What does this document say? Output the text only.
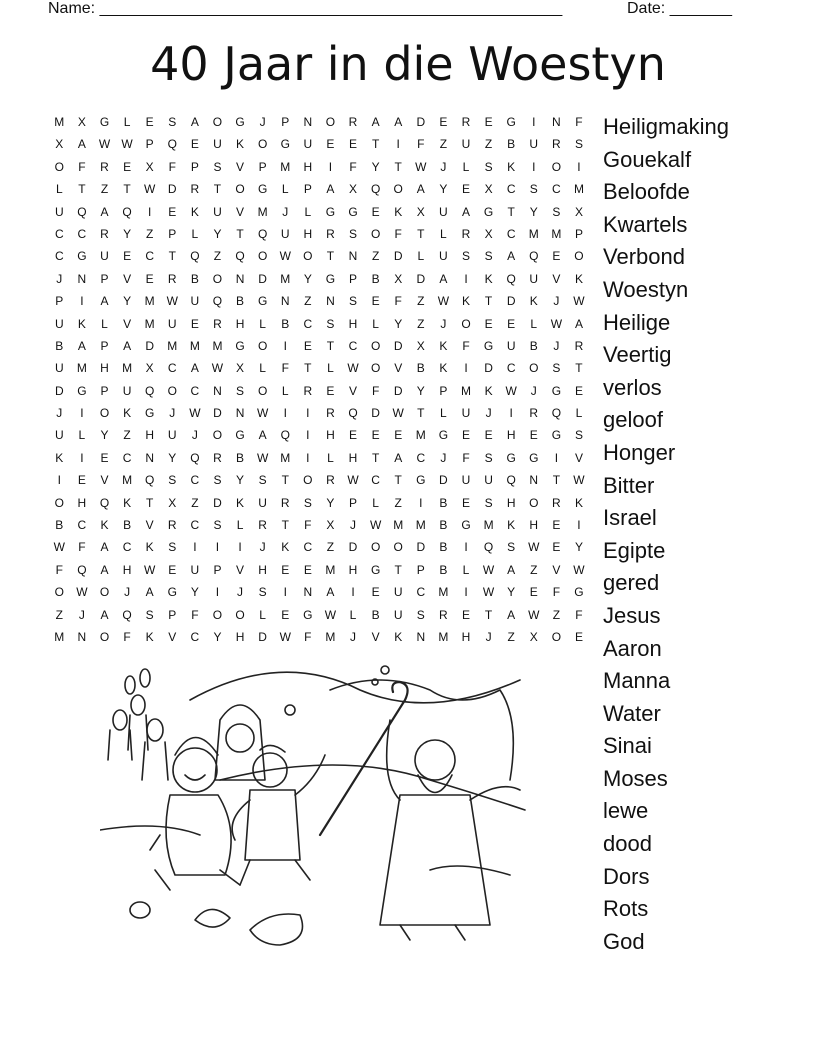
Name: ____________________________________________________	Date: _______
40 Jaar in die Woestyn
M	X	G	L	E	S	A	O	G	J	P	N	O	R	A	A	D	E	R	E	G	I	N	F
X	A	W W	P	Q	E	U	K	O	G	U	E	E	T	I	F	Z	U	Z	B	U	R	S
O	F	R	E	X	F	P	S	V	P	M	H	I	F	Y	T	W	J	L	S	K	I	O	I
L	T	Z	T	W	D	R	T	O	G	L	P	A	X	Q	O	A	Y	E	X	C	S	C	M
U	Q	A	Q	I	E	K	U	V	M	J	L	G	G	E	K	X	U	A	G	T	Y	S	X
C	C	R	Y	Z	P	L	Y	T	Q	U	H	R	S	O	F	T	L	R	X	C	M	M	P
C	G	U	E	C	T	Q	Z	Q	O	W	O	T	N	Z	D	L	U	S	S	A	Q	E	O
J	N	P	V	E	R	B	O	N	D	M	Y	G	P	B	X	D	A	I	K	Q	U	V	K
P	I	A	Y	M W	U	Q	B	G	N	Z	N	S	E	F	Z	W	K	T	D	K	J	W
U	K	L	V	M	U	E	R	H	L	B	C	S	H	L	Y	Z	J	O	E	E	L	W	A
B	A	P	A	D	M	M	M	G	O	I	E	T	C	O	D	X	K	F	G	U	B	J	R
U	M	H	M	X	C	A	W	X	L	F	T	L	W	O	V	B	K	I	D	C	O	S	T
D	G	P	U	Q	O	C	N	S	O	L	R	E	V	F	D	Y	P	M	K	W	J	G	E
J	I	O	K	G	J	W	D	N	W	I	I	R	Q	D	W	T	L	U	J	I	R	Q	L
U	L	Y	Z	H	U	J	O	G	A	Q	I	H	E	E	E	M	G	E	E	H	E	G	S
K	I	E	C	N	Y	Q	R	B	W M	I	L	H	T	A	C	J	F	S	G	G	I	V
I	E	V	M	Q	S	C	S	Y	S	T	O	R	W	C	T	G	D	U	U	Q	N	T	W
O	H	Q	K	T	X	Z	D	K	U	R	S	Y	P	L	Z	I	B	E	S	H	O	R	K
B	C	K	B	V	R	C	S	L	R	T	F	X	J	W M	M	B	G	M	K	H	E	I
W	F	A	C	K	S	I	I	I	J	K	C	Z	D	O	O	D	B	I	Q	S	W	E	Y
F	Q	A	H	W	E	U	P	V	H	E	E	M	H	G	T	P	B	L	W	A	Z	V	W
O	W	O	J	A	G	Y	I	J	S	I	N	A	I	E	U	C	M	I	W	Y	E	F	G
Z	J	A	Q	S	P	F	O	O	L	E	G	W	L	B	U	S	R	E	T	A	W	Z	F
M	N	O	F	K	V	C	Y	H	D	W	F	M	J	V	K	N	M	H	J	Z	X	O	E
Heiligmaking
Gouekalf
Beloofde
Kwartels
Verbond
Woestyn
Heilige
Veertig
verlos
geloof
Honger
Bitter
Israel
Egipte
gered
Jesus
Aaron
Manna
Water
Sinai
Moses
lewe
dood
Dors
Rots
God
